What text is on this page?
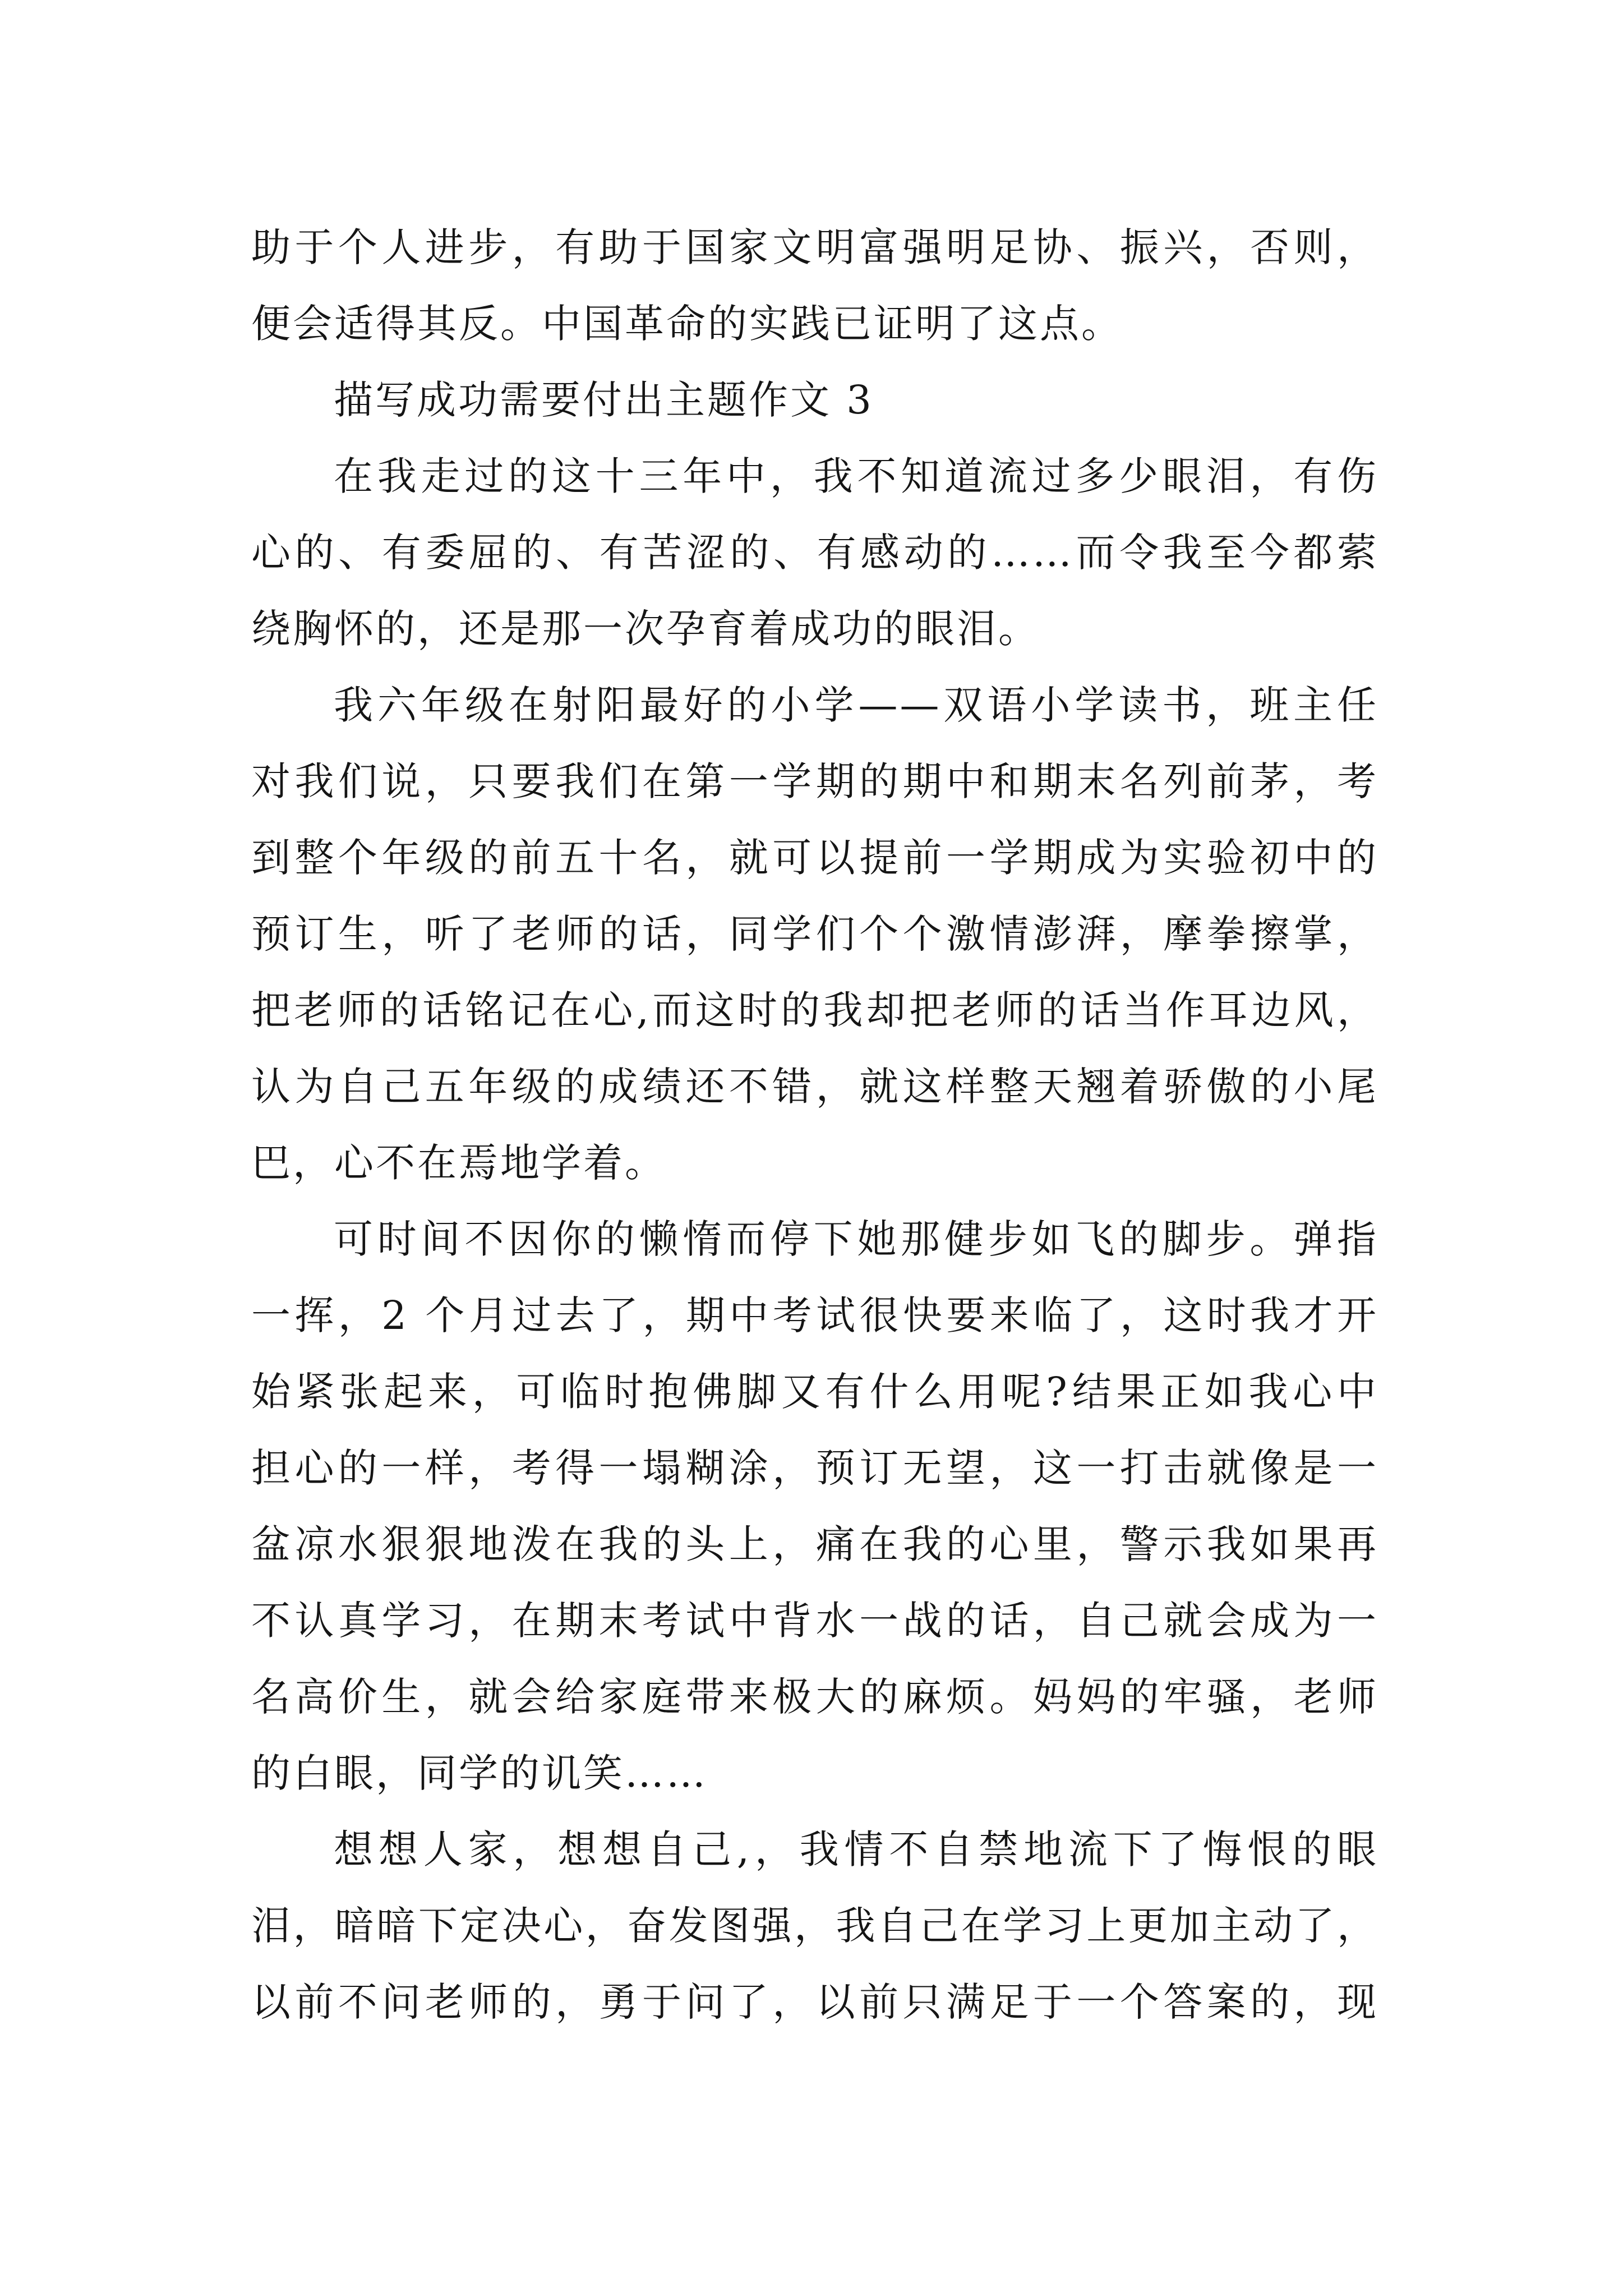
助于个人进步，有助于国家文明富强明足协、振兴，否则，

便会适得其反。中国革命的实践已证明了这点。

描写成功需要付出主题作文 3

在我走过的这十三年中，我不知道流过多少眼泪，有伤

心的、有委屈的、有苦涩的、有感动的……而令我至今都萦

绕胸怀的，还是那一次孕育着成功的眼泪。

我六年级在射阳最好的小学——双语小学读书，班主任

对我们说，只要我们在第一学期的期中和期末名列前茅，考

到整个年级的前五十名，就可以提前一学期成为实验初中的

预订生，听了老师的话，同学们个个激情澎湃，摩拳擦掌，

把老师的话铭记在心,而这时的我却把老师的话当作耳边风，

认为自己五年级的成绩还不错，就这样整天翘着骄傲的小尾

巴，心不在焉地学着。

可时间不因你的懒惰而停下她那健步如飞的脚步。弹指

一挥，2 个月过去了，期中考试很快要来临了，这时我才开

始紧张起来，可临时抱佛脚又有什么用呢?结果正如我心中

担心的一样，考得一塌糊涂，预订无望，这一打击就像是一

盆凉水狠狠地泼在我的头上，痛在我的心里，警示我如果再

不认真学习，在期末考试中背水一战的话，自己就会成为一

名高价生，就会给家庭带来极大的麻烦。妈妈的牢骚，老师

的白眼，同学的讥笑……

想想人家，想想自己,，我情不自禁地流下了悔恨的眼

泪，暗暗下定决心，奋发图强，我自己在学习上更加主动了，

以前不问老师的，勇于问了，以前只满足于一个答案的，现
